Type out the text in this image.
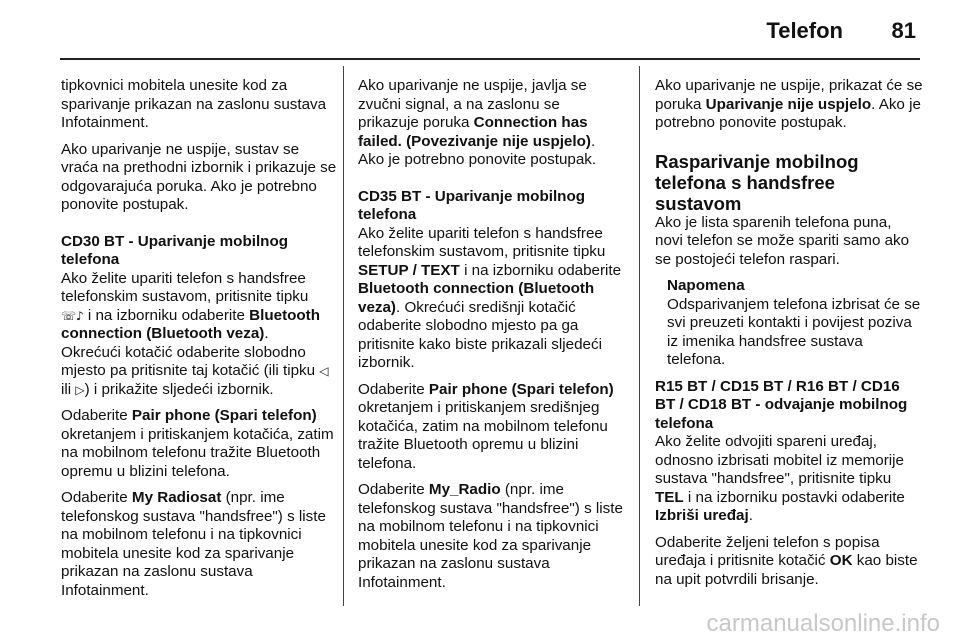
Telefon 81

tipkovnici mobitela unesite kod za sparivanje prikazan na zaslonu sustava Infotainment.

Ako uparivanje ne uspije, sustav se vraća na prethodni izbornik i prikazuje se odgovarajuća poruka. Ako je potrebno ponovite postupak.

CD30 BT - Uparivanje mobilnog telefona

Ako želite upariti telefon s handsfree telefonskim sustavom, pritisnite tipku
☏♪ i na izborniku odaberite Bluetooth connection (Bluetooth veza).

Okrećući kotačić odaberite slobodno mjesto pa pritisnite taj kotačić (ili tipku ◁ ili ▷) i prikažite sljedeći izbornik.

Odaberite Pair phone (Spari telefon) okretanjem i pritiskanjem kotačića, zatim na mobilnom telefonu tražite Bluetooth opremu u blizini telefona.

Odaberite My Radiosat (npr. ime telefonskog sustava "handsfree") s liste na mobilnom telefonu i na tipkovnici mobitela unesite kod za sparivanje prikazan na zaslonu sustava Infotainment.

Ako uparivanje ne uspije, javlja se zvučni signal, a na zaslonu se prikazuje poruka Connection has failed. (Povezivanje nije uspjelo). Ako je potrebno ponovite postupak.

CD35 BT - Uparivanje mobilnog telefona

Ako želite upariti telefon s handsfree telefonskim sustavom, pritisnite tipku SETUP / TEXT i na izborniku odaberite Bluetooth connection (Bluetooth veza). Okrećući središnji kotačić odaberite slobodno mjesto pa ga pritisnite kako biste prikazali sljedeći izbornik.

Odaberite Pair phone (Spari telefon) okretanjem i pritiskanjem središnjeg kotačića, zatim na mobilnom telefonu tražite Bluetooth opremu u blizini telefona.

Odaberite My_Radio (npr. ime telefonskog sustava "handsfree") s liste na mobilnom telefonu i na tipkovnici mobitela unesite kod za sparivanje prikazan na zaslonu sustava Infotainment.

Ako uparivanje ne uspije, prikazat će se poruka Uparivanje nije uspjelo. Ako je potrebno ponovite postupak.

Rasparivanje mobilnog telefona s handsfree sustavom

Ako je lista sparenih telefona puna, novi telefon se može spariti samo ako se postojeći telefon raspari.

Napomena
Odsparivanjem telefona izbrisat će se svi preuzeti kontakti i povijest poziva iz imenika handsfree sustava telefona.
R15 BT / CD15 BT / R16 BT / CD16 BT / CD18 BT - odvajanje mobilnog telefona

Ako želite odvojiti spareni uređaj, odnosno izbrisati mobitel iz memorije sustava "handsfree", pritisnite tipku TEL i na izborniku postavki odaberite Izbriši uređaj.

Odaberite željeni telefon s popisa uređaja i pritisnite kotačić OK kao biste na upit potvrdili brisanje.

carmanualsonline.info
